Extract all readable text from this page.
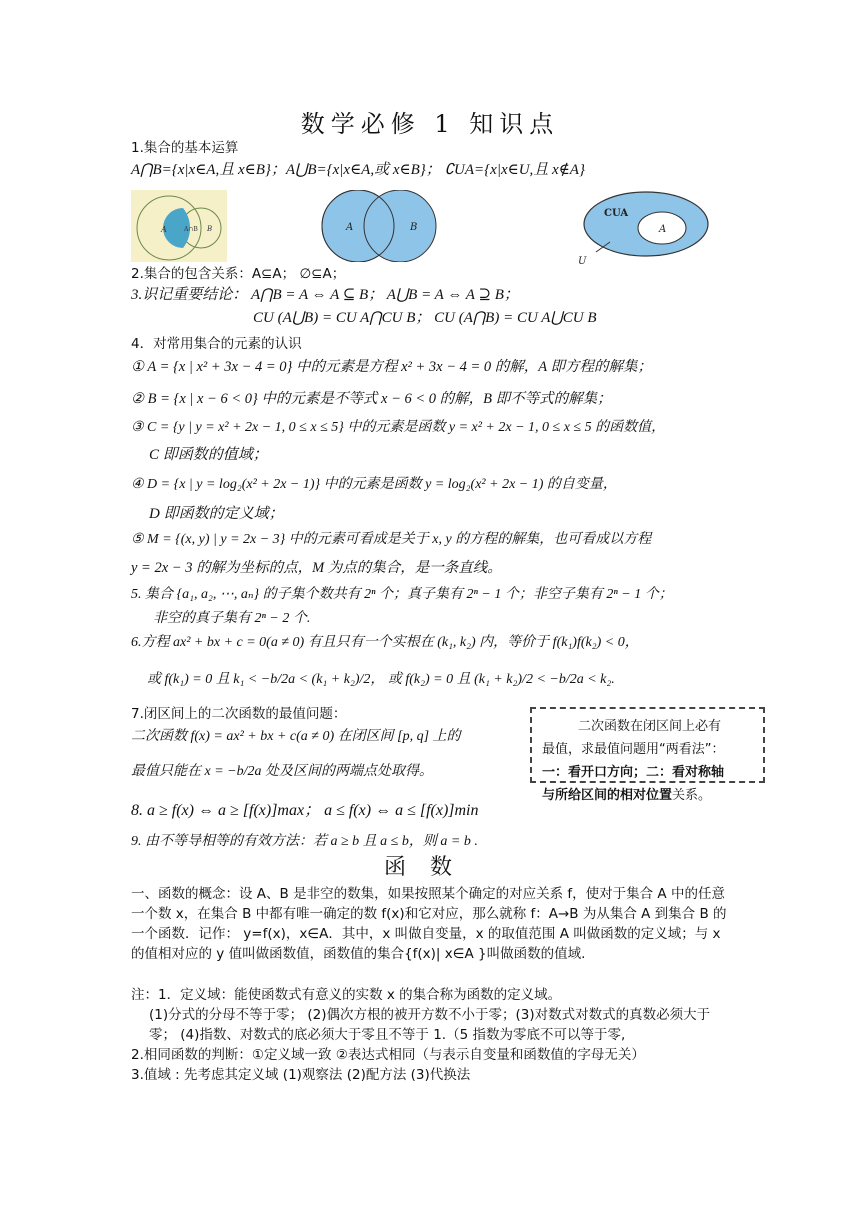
数学必修 1 知识点
1.集合的基本运算
A⋂B={x|x∈A,且 x∈B}；A⋃B={x|x∈A,或 x∈B}； ∁UA={x|x∈U,且 x∉A}
A	A∩B B	A	B
CUA
A
U
2.集合的包含关系：A⊆A； ∅⊆A；
3.识记重要结论： A⋂B = A ⇔ A ⊆ B； A⋃B = A ⇔ A ⊇ B；
CU (A⋃B) = CU A⋂CU B； CU (A⋂B) = CU A⋃CU B
4．对常用集合的元素的认识
① A = {x | x² + 3x − 4 = 0} 中的元素是方程 x² + 3x − 4 = 0 的解，A 即方程的解集；
② B = {x | x − 6 < 0} 中的元素是不等式 x − 6 < 0 的解，B 即不等式的解集；
③ C = {y | y = x² + 2x − 1, 0 ≤ x ≤ 5} 中的元素是函数 y = x² + 2x − 1, 0 ≤ x ≤ 5 的函数值，
C 即函数的值域；
④ D = {x | y = log₂(x² + 2x − 1)} 中的元素是函数 y = log₂(x² + 2x − 1) 的自变量，
D 即函数的定义域；
⑤ M = {(x, y) | y = 2x − 3} 中的元素可看成是关于 x, y 的方程的解集，也可看成以方程
y = 2x − 3 的解为坐标的点，M 为点的集合，是一条直线。
5. 集合 {a₁, a₂, ⋯, aₙ} 的子集个数共有 2ⁿ 个；真子集有 2ⁿ − 1 个；非空子集有 2ⁿ − 1 个；
非空的真子集有 2ⁿ − 2 个.
6.方程 ax² + bx + c = 0(a ≠ 0) 有且只有一个实根在 (k₁, k₂) 内，等价于 f(k₁)f(k₂) < 0，
或 f(k₁) = 0 且 k₁ < −b/2a < (k₁ + k₂)/2， 或 f(k₂) = 0 且 (k₁ + k₂)/2 < −b/2a < k₂.
7.闭区间上的二次函数的最值问题：
二次函数 f(x) = ax² + bx + c(a ≠ 0) 在闭区间 [p, q] 上的
最值只能在 x = −b/2a 处及区间的两端点处取得。
二次函数在闭区间上必有
最值，求最值问题用“两看法”：
一：看开口方向；二：看对称轴
与所给区间的相对位置关系。
8. a ≥ f(x) ⇔ a ≥ [f(x)]max； a ≤ f(x) ⇔ a ≤ [f(x)]min
9. 由不等导相等的有效方法：若 a ≥ b 且 a ≤ b，则 a = b .
函数
一、函数的概念：设 A、B 是非空的数集，如果按照某个确定的对应关系 f，使对于集合 A 中的任意一个数 x，在集合 B 中都有唯一确定的数 f(x)和它对应，那么就称 f：A→B 为从集合 A 到集合 B 的一个函数．记作： y=f(x)，x∈A．其中，x 叫做自变量，x 的取值范围 A 叫做函数的定义域；与 x 的值相对应的 y 值叫做函数值，函数值的集合{f(x)| x∈A }叫做函数的值域.
注：1．定义域：能使函数式有意义的实数 x 的集合称为函数的定义域。
(1)分式的分母不等于零； (2)偶次方根的被开方数不小于零；(3)对数式对数式的真数必须大于零； (4)指数、对数式的底必须大于零且不等于 1.（5 指数为零底不可以等于零,
2.相同函数的判断：①定义域一致 ②表达式相同（与表示自变量和函数值的字母无关）
3.值域 : 先考虑其定义域 (1)观察法 (2)配方法 (3)代换法
